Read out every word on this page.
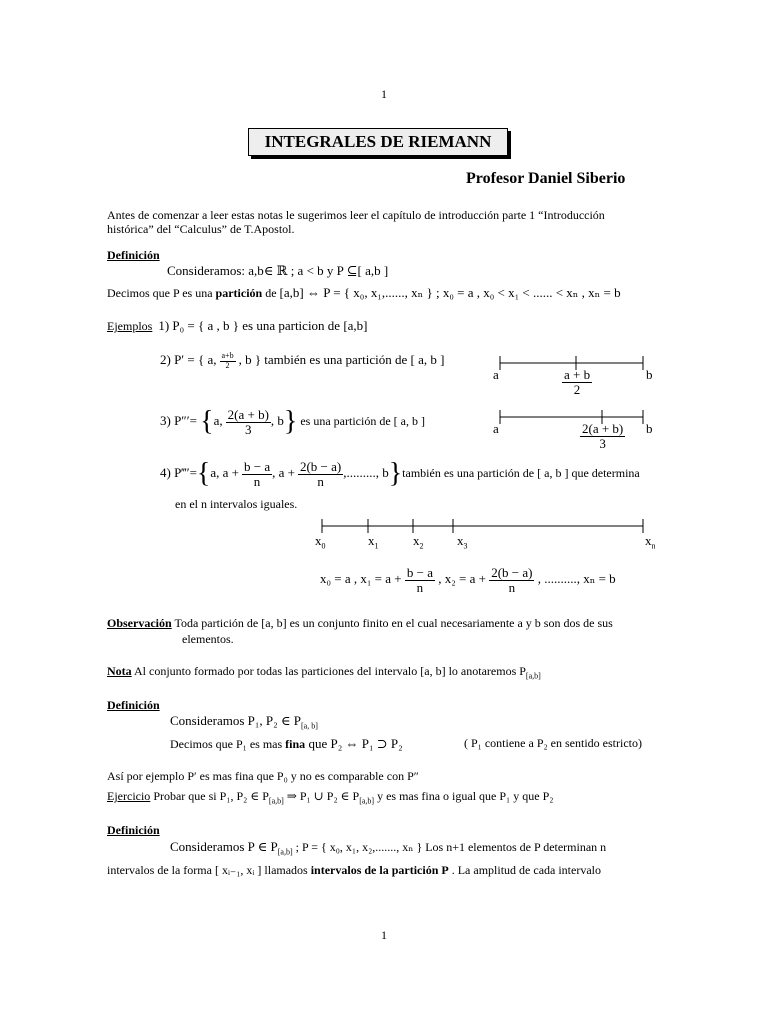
1
INTEGRALES DE RIEMANN
Profesor Daniel Siberio
Antes de comenzar a leer estas notas le sugerimos leer el capítulo de introducción parte 1 “Introducción
histórica” del “Calculus” de T.Apostol.
Definición
Consideramos: a,b∈ ℝ ; a < b y P ⊆[ a,b ]
Decimos que P es una partición de [a,b] ⇔ P = { x₀, x₁,......, xₙ } ; x₀ = a , x₀ < x₁ < ...... < xₙ , xₙ = b
Ejemplos 1) P₀ = { a , b } es una particion de [a,b]
2) P′ = { a, $\frac{a+b}{2}$ , b } también es una partición de [ a, b ]
3) P″′= {a, $\frac{2(a + b)}{3}$ , b} es una partición de [ a, b ]
4) P‴′={a, $a + \frac{b - a}{n}$ , $a + \frac{2(b - a)}{n}$ ,........., b}también es una partición de [ a, b ] que determina
en el n intervalos iguales.
a	b
$\frac{a + b}{2}$
a	b
$\frac{2(a + b)}{3}$
$x_0$	$x_1$	$x_2$	$x_3$	$x_n$
x₀ = a , $x_1 = a + \frac{b - a}{n}$ , $x_2 = a + \frac{2(b - a)}{n}$ , .........., xₙ = b
Observación Toda partición de [a, b] es un conjunto finito en el cual necesariamente a y b son dos de sus
elementos.
Nota Al conjunto formado por todas las particiones del intervalo [a, b] lo anotaremos $P_{[a,b]}$
Definición
Consideramos P₁, P₂ ∈ $P_{[a, b]}$
Decimos que P₁ es mas fina que P₂ ⇔ P₁ ⊃ P₂	( P₁ contiene a P₂ en sentido estricto)
Así por ejemplo P′ es mas fina que P₀ y no es comparable con P″
Ejercicio Probar que si P₁, P₂ ∈ $P_{[a,b]}$ ⇒ P₁ ∪ P₂ ∈ $P_{[a,b]}$ y es mas fina o igual que P₁ y que P₂
Definición
Consideramos P ∈ $P_{[a,b]}$ ; P = { x₀, x₁, x₂,......., xₙ } Los n+1 elementos de P determinan n
intervalos de la forma [ xᵢ₋₁, xᵢ ] llamados intervalos de la partición P . La amplitud de cada intervalo
1
